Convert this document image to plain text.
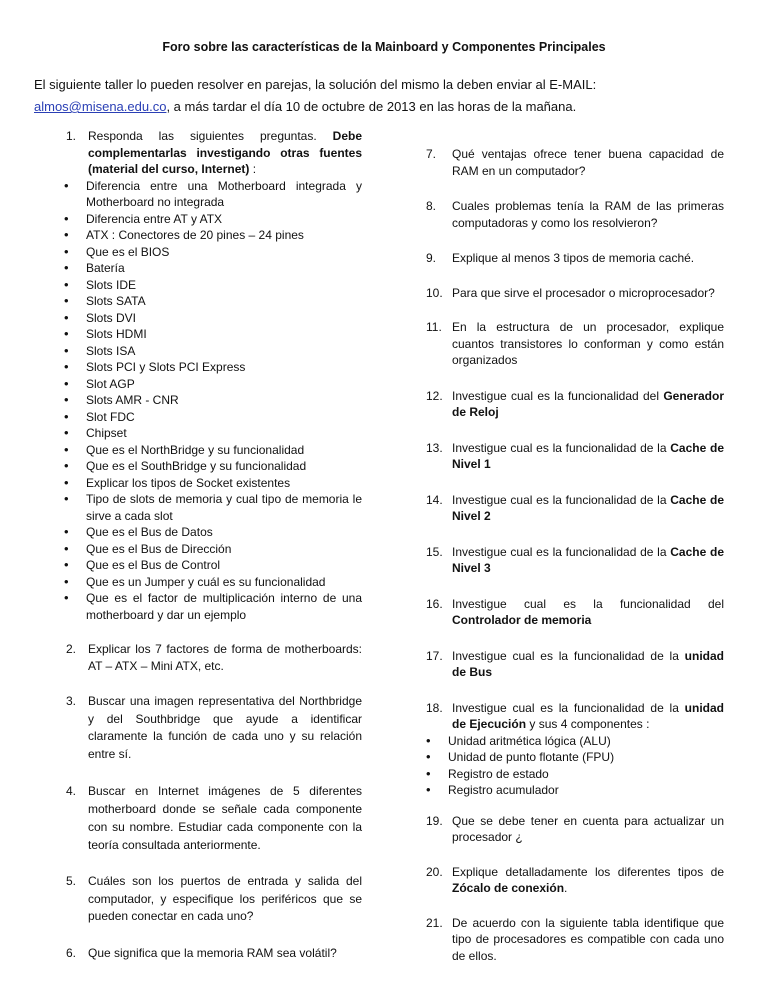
Foro sobre las características de la Mainboard y Componentes Principales
El siguiente taller lo pueden resolver en parejas, la solución del mismo la deben enviar al E-MAIL:
almos@misena.edu.co, a más tardar el día 10 de octubre de 2013 en las horas de la mañana.
1. Responda las siguientes preguntas. Debe complementarlas investigando otras fuentes (material del curso, Internet) :
• Diferencia entre una Motherboard integrada y Motherboard no integrada
• Diferencia entre AT y ATX
• ATX : Conectores de 20 pines – 24 pines
• Que es el BIOS
• Batería
• Slots IDE
• Slots SATA
• Slots DVI
• Slots HDMI
• Slots ISA
• Slots PCI y Slots PCI Express
• Slot AGP
• Slots AMR - CNR
• Slot FDC
• Chipset
• Que es el NorthBridge y su funcionalidad
• Que es el SouthBridge y su funcionalidad
• Explicar los tipos de Socket existentes
• Tipo de slots de memoria y cual tipo de memoria le sirve a cada slot
• Que es el Bus de Datos
• Que es el Bus de Dirección
• Que es el Bus de Control
• Que es un Jumper y cuál es su funcionalidad
• Que es el factor de multiplicación interno de una motherboard y dar un ejemplo
2. Explicar los 7 factores de forma de motherboards: AT – ATX – Mini ATX, etc.
3. Buscar una imagen representativa del Northbridge y del Southbridge que ayude a identificar claramente la función de cada uno y su relación entre sí.
4. Buscar en Internet imágenes de 5 diferentes motherboard donde se señale cada componente con su nombre. Estudiar cada componente con la teoría consultada anteriormente.
5. Cuáles son los puertos de entrada y salida del computador, y especifique los periféricos que se pueden conectar en cada uno?
6. Que significa que la memoria RAM sea volátil?
7. Qué ventajas ofrece tener buena capacidad de RAM en un computador?
8. Cuales problemas tenía la RAM de las primeras computadoras y como los resolvieron?
9. Explique al menos 3 tipos de memoria caché.
10. Para que sirve el procesador o microprocesador?
11. En la estructura de un procesador, explique cuantos transistores lo conforman y como están organizados
12. Investigue cual es la funcionalidad del Generador de Reloj
13. Investigue cual es la funcionalidad de la Cache de Nivel 1
14. Investigue cual es la funcionalidad de la Cache de Nivel 2
15. Investigue cual es la funcionalidad de la Cache de Nivel 3
16. Investigue cual es la funcionalidad del Controlador de memoria
17. Investigue cual es la funcionalidad de la unidad de Bus
18. Investigue cual es la funcionalidad de la unidad de Ejecución y sus 4 componentes :
• Unidad aritmética lógica (ALU)
• Unidad de punto flotante (FPU)
• Registro de estado
• Registro acumulador
19. Que se debe tener en cuenta para actualizar un procesador ¿
20. Explique detalladamente los diferentes tipos de Zócalo de conexión.
21. De acuerdo con la siguiente tabla identifique que tipo de procesadores es compatible con cada uno de ellos.
